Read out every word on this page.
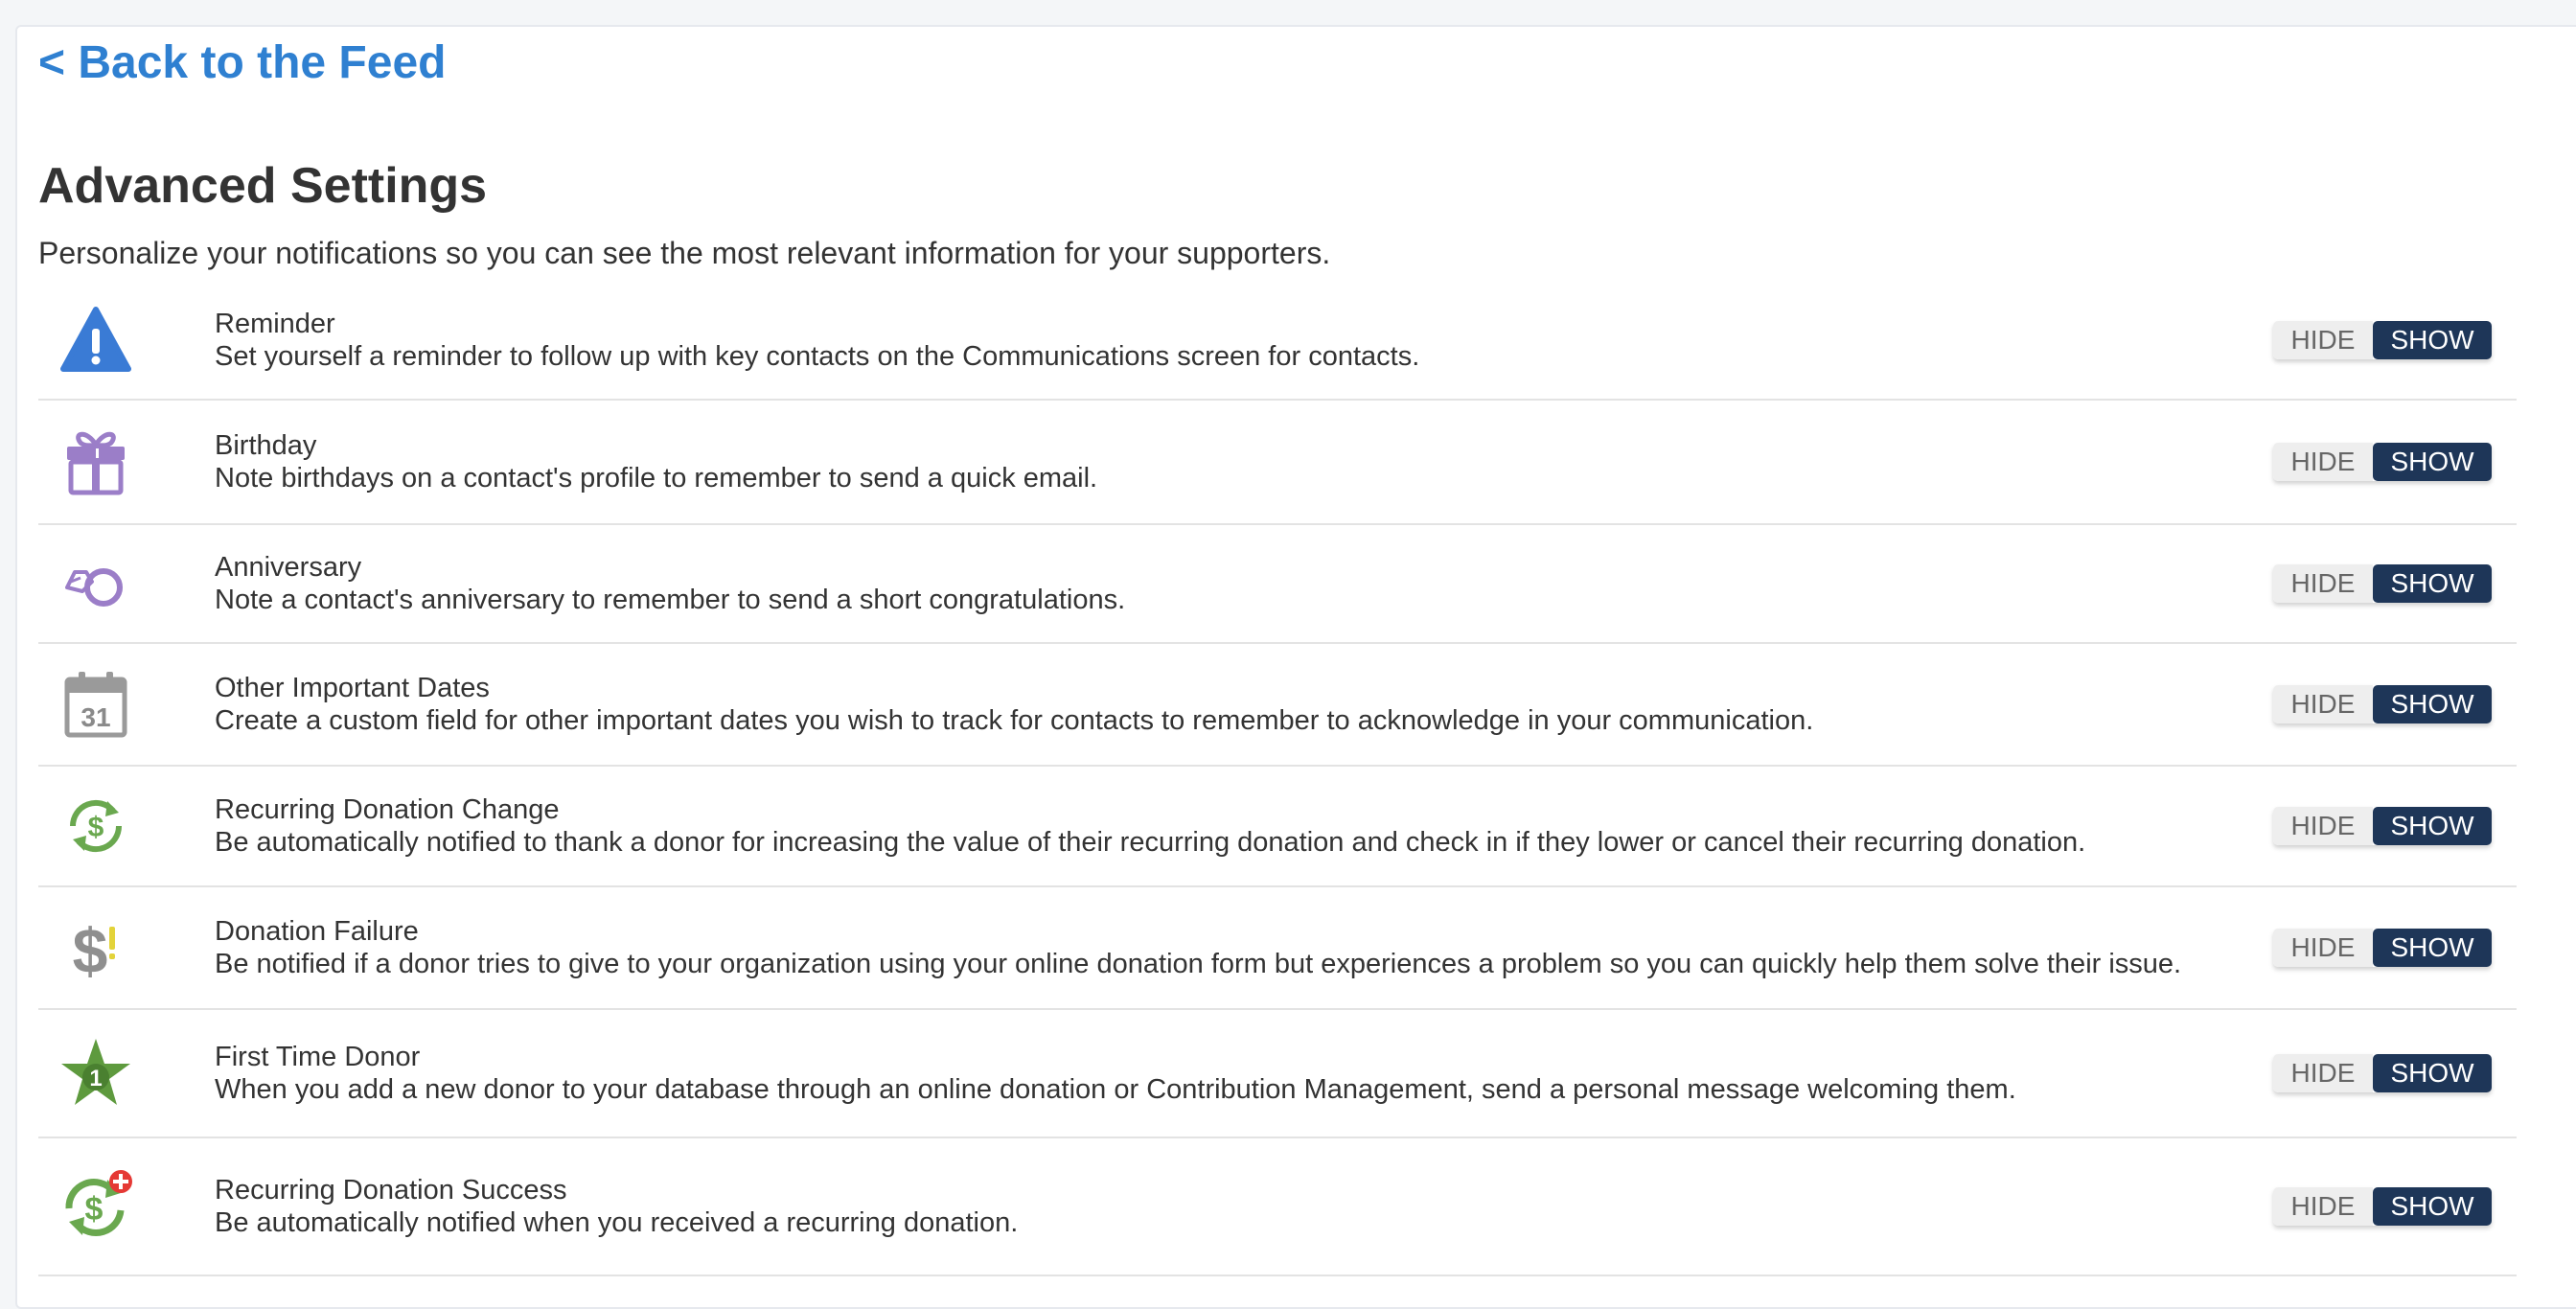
< Back to the Feed
Advanced Settings

Personalize your notifications so you can see the most relevant information for your supporters.

Reminder
Set yourself a reminder to follow up with key contacts on the Communications screen for contacts.
HIDE	SHOW
Birthday
Note birthdays on a contact's profile to remember to send a quick email.
HIDE	SHOW
Anniversary
Note a contact's anniversary to remember to send a short congratulations.
HIDE	SHOW
31
Other Important Dates
Create a custom field for other important dates you wish to track for contacts to remember to acknowledge in your communication.
HIDE	SHOW
$
Recurring Donation Change
Be automatically notified to thank a donor for increasing the value of their recurring donation and check in if they lower or cancel their recurring donation.
HIDE	SHOW
$	Donation Failure
Be notified if a donor tries to give to your organization using your online donation form but experiences a problem so you can quickly help them solve their issue.
HIDE	SHOW
1
First Time Donor
When you add a new donor to your database through an online donation or Contribution Management, send a personal message welcoming them.
HIDE	SHOW
$
Recurring Donation Success
Be automatically notified when you received a recurring donation.
HIDE	SHOW
